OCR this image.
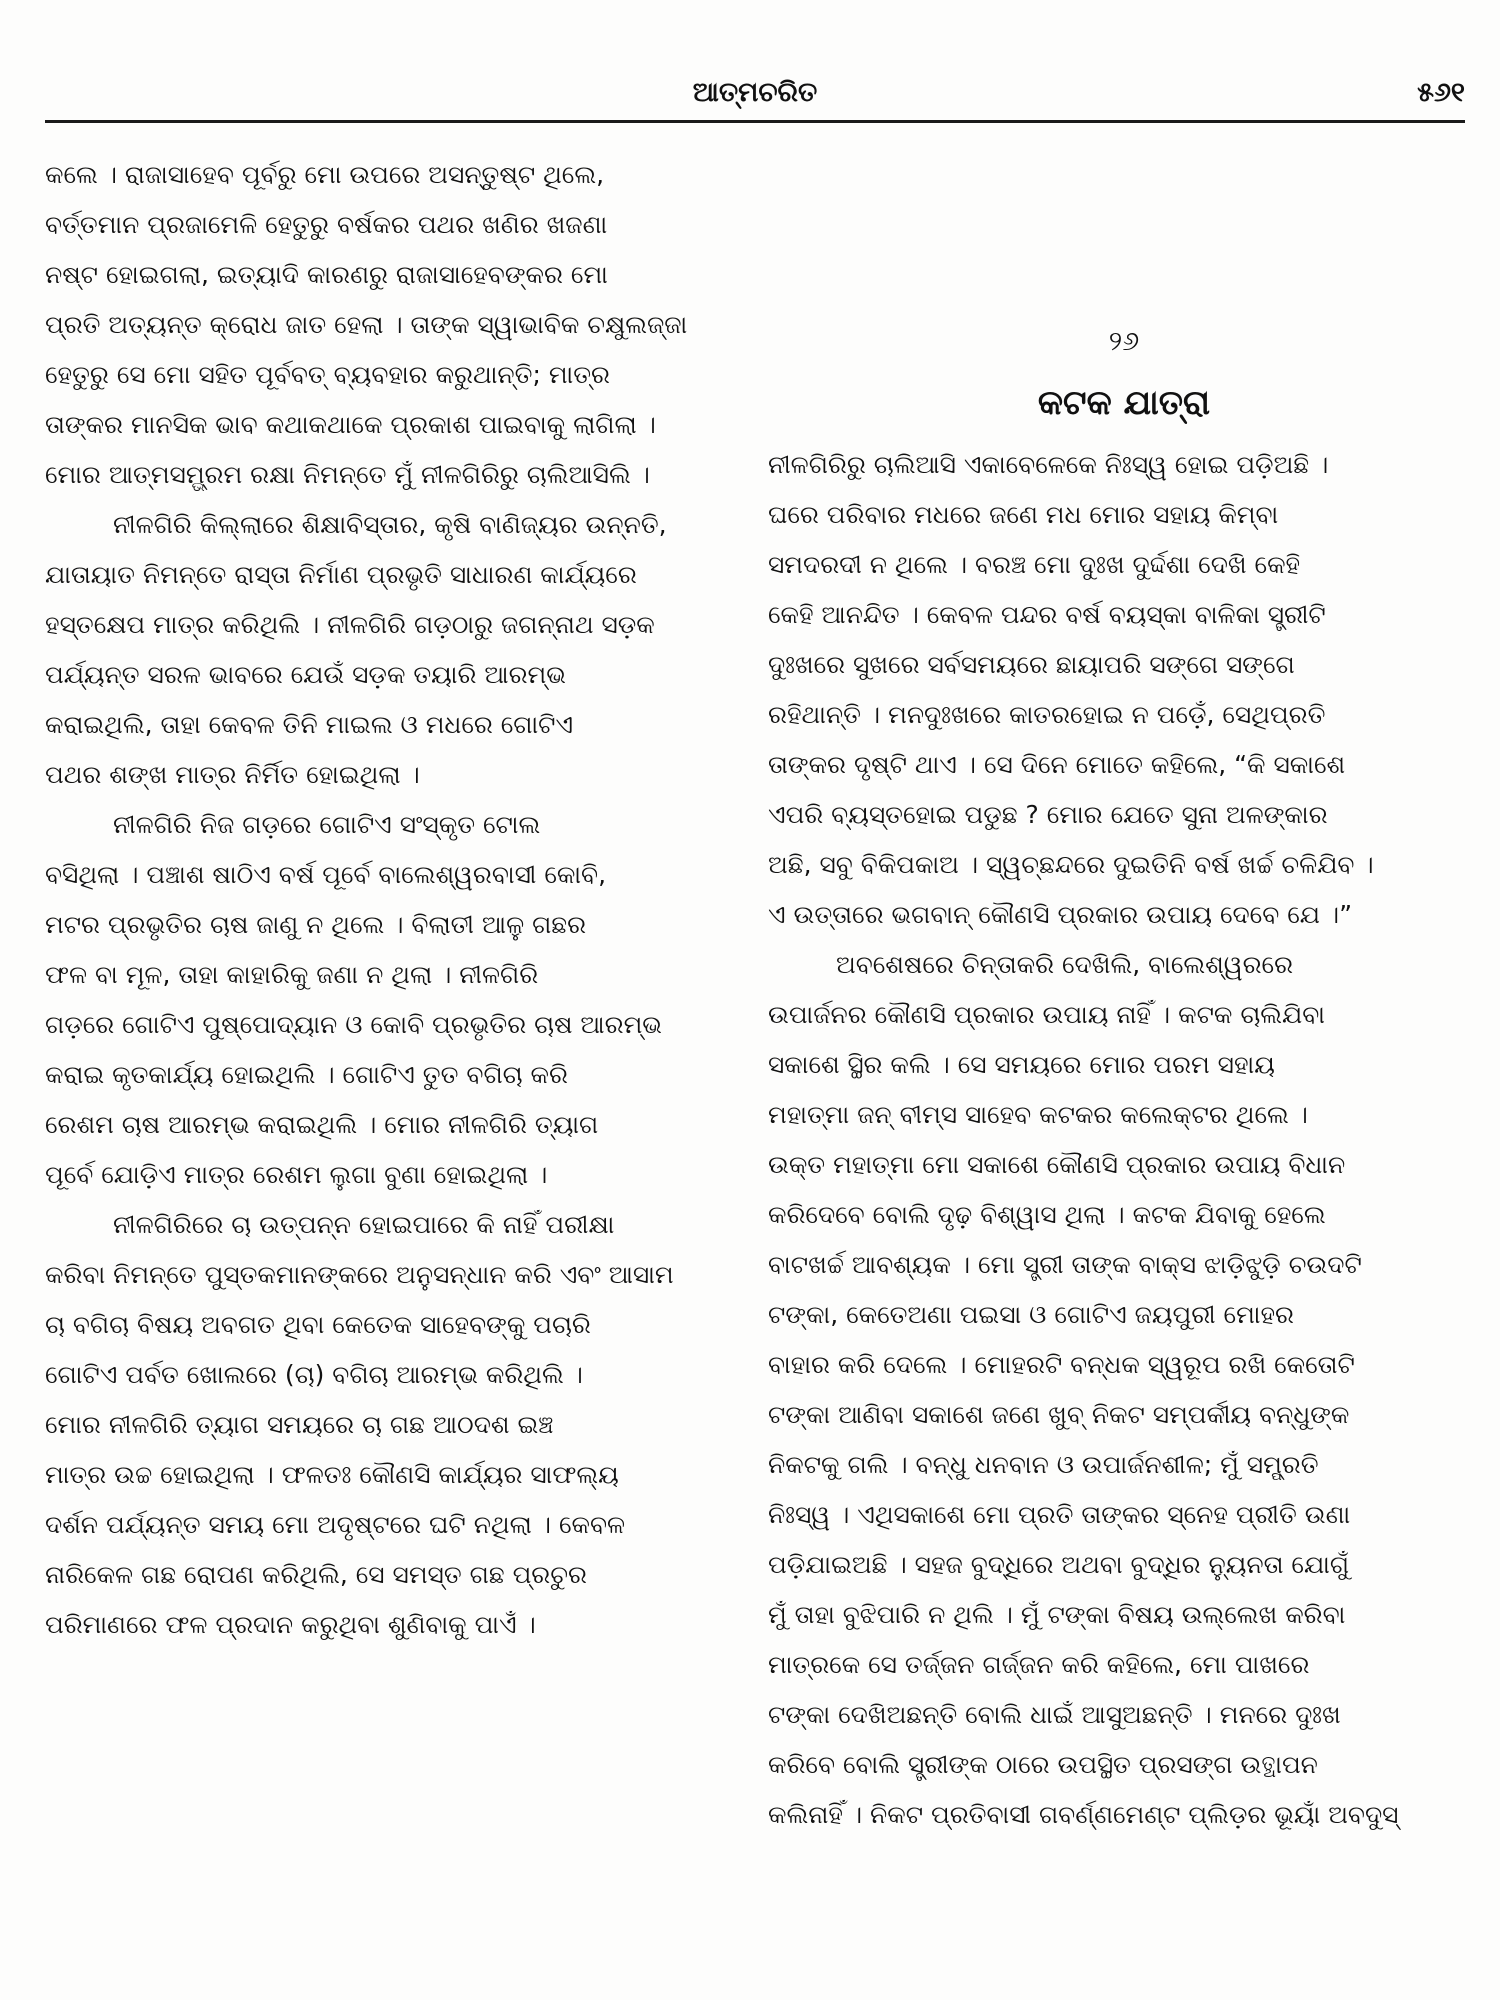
ଆତ୍ମଚରିତ	୫୬୧
କଲେ । ରାଜାସାହେବ ପୂର୍ବରୁ ମୋ ଉପରେ ଅସନ୍ତୁଷ୍ଟ ଥିଲେ,
ବର୍ତ୍ତମାନ ପ୍ରଜାମେଳି ହେତୁରୁ ବର୍ଷକର ପଥର ଖଣିର ଖଜଣା
ନଷ୍ଟ ହୋଇଗଲା, ଇତ୍ୟାଦି କାରଣରୁ ରାଜାସାହେବଙ୍କର ମୋ
ପ୍ରତି ଅତ୍ୟନ୍ତ କ୍ରୋଧ ଜାତ ହେଲା । ତାଙ୍କ ସ୍ୱାଭାବିକ ଚକ୍ଷୁଲଜ୍ଜା
ହେତୁରୁ ସେ ମୋ ସହିତ ପୂର୍ବବତ୍ ବ୍ୟବହାର କରୁଥାନ୍ତି; ମାତ୍ର
ତାଙ୍କର ମାନସିକ ଭାବ କଥାକଥାକେ ପ୍ରକାଶ ପାଇବାକୁ ଲାଗିଲା ।
ମୋର ଆତ୍ମସମ୍ଭ୍ରମ ରକ୍ଷା ନିମନ୍ତେ ମୁଁ ନୀଳଗିରିରୁ ଚାଲିଆସିଲି ।
ନୀଳଗିରି କିଲ୍ଲାରେ ଶିକ୍ଷାବିସ୍ତାର, କୃଷି ବାଣିଜ୍ୟର ଉନ୍ନତି,
ଯାତାୟାତ ନିମନ୍ତେ ରାସ୍ତା ନିର୍ମାଣ ପ୍ରଭୃତି ସାଧାରଣ କାର୍ଯ୍ୟରେ
ହସ୍ତକ୍ଷେପ ମାତ୍ର କରିଥିଲି । ନୀଳଗିରି ଗଡ଼ଠାରୁ ଜଗନ୍ନାଥ ସଡ଼କ
ପର୍ଯ୍ୟନ୍ତ ସରଳ ଭାବରେ ଯେଉଁ ସଡ଼କ ତୟାରି ଆରମ୍ଭ
କରାଇଥିଲି, ତାହା କେବଳ ତିନି ମାଇଲ ଓ ମଧରେ ଗୋଟିଏ
ପଥର ଶଙ୍ଖ ମାତ୍ର ନିର୍ମିତ ହୋଇଥିଲା ।
ନୀଳଗିରି ନିଜ ଗଡ଼ରେ ଗୋଟିଏ ସଂସ୍କୃତ ଟୋଲ
ବସିଥିଲା । ପଞ୍ଚାଶ ଷାଠିଏ ବର୍ଷ ପୂର୍ବେ ବାଲେଶ୍ୱରବାସୀ କୋବି,
ମଟର ପ୍ରଭୃତିର ଚାଷ ଜାଣୁ ନ ଥିଲେ । ବିଲାତୀ ଆଳୁ ଗଛର
ଫଳ ବା ମୂଳ, ତାହା କାହାରିକୁ ଜଣା ନ ଥିଲା । ନୀଳଗିରି
ଗଡ଼ରେ ଗୋଟିଏ ପୁଷ୍ପୋଦ୍ୟାନ ଓ କୋବି ପ୍ରଭୃତିର ଚାଷ ଆରମ୍ଭ
କରାଇ କୃତକାର୍ଯ୍ୟ ହୋଇଥିଲି । ଗୋଟିଏ ତୁତ ବଗିଚା କରି
ରେଶମ ଚାଷ ଆରମ୍ଭ କରାଇଥିଲି । ମୋର ନୀଳଗିରି ତ୍ୟାଗ
ପୂର୍ବେ ଯୋଡ଼ିଏ ମାତ୍ର ରେଶମ ଲୁଗା ବୁଣା ହୋଇଥିଲା ।
ନୀଳଗିରିରେ ଚା ଉତ୍ପନ୍ନ ହୋଇପାରେ କି ନାହିଁ ପରୀକ୍ଷା
କରିବା ନିମନ୍ତେ ପୁସ୍ତକମାନଙ୍କରେ ଅନୁସନ୍ଧାନ କରି ଏବଂ ଆସାମ
ଚା ବଗିଚା ବିଷୟ ଅବଗତ ଥିବା କେତେକ ସାହେବଙ୍କୁ ପଚାରି
ଗୋଟିଏ ପର୍ବତ ଖୋଲରେ (ଚା) ବଗିଚା ଆରମ୍ଭ କରିଥିଲି ।
ମୋର ନୀଳଗିରି ତ୍ୟାଗ ସମୟରେ ଚା ଗଛ ଆଠଦଶ ଇଞ୍ଚ
ମାତ୍ର ଉଚ୍ଚ ହୋଇଥିଲା । ଫଳତଃ କୌଣସି କାର୍ଯ୍ୟର ସାଫଲ୍ୟ
ଦର୍ଶନ ପର୍ଯ୍ୟନ୍ତ ସମୟ ମୋ ଅଦୃଷ୍ଟରେ ଘଟି ନଥିଲା । କେବଳ
ନାରିକେଳ ଗଛ ରୋପଣ କରିଥିଲି, ସେ ସମସ୍ତ ଗଛ ପ୍ରଚୁର
ପରିମାଣରେ ଫଳ ପ୍ରଦାନ କରୁଥିବା ଶୁଣିବାକୁ ପାଏଁ ।
୨୬
କଟକ ଯାତ୍ରା
ନୀଳଗିରିରୁ ଚାଲିଆସି ଏକାବେଳେକେ ନିଃସ୍ୱ ହୋଇ ପଡ଼ିଅଛି ।
ଘରେ ପରିବାର ମଧରେ ଜଣେ ମଧ ମୋର ସହାୟ କିମ୍ବା
ସମଦରଦୀ ନ ଥିଲେ । ବରଞ୍ଚ ମୋ ଦୁଃଖ ଦୁର୍ଦ୍ଦଶା ଦେଖି କେହି
କେହି ଆନନ୍ଦିତ । କେବଳ ପନ୍ଦର ବର୍ଷ ବୟସ୍କା ବାଳିକା ସ୍ତ୍ରୀଟି
ଦୁଃଖରେ ସୁଖରେ ସର୍ବସମୟରେ ଛାୟାପରି ସଙ୍ଗେ ସଙ୍ଗେ
ରହିଥାନ୍ତି । ମନଦୁଃଖରେ କାତରହୋଇ ନ ପଡ଼େଁ, ସେଥିପ୍ରତି
ତାଙ୍କର ଦୃଷ୍ଟି ଥାଏ । ସେ ଦିନେ ମୋତେ କହିଲେ, “କି ସକାଶେ
ଏପରି ବ୍ୟସ୍ତହୋଇ ପଡୁଛ ? ମୋର ଯେତେ ସୁନା ଅଳଙ୍କାର
ଅଛି, ସବୁ ବିକିପକାଅ । ସ୍ୱଚ୍ଛନ୍ଦରେ ଦୁଇତିନି ବର୍ଷ ଖର୍ଚ୍ଚ ଚଳିଯିବ ।
ଏ ଉତ୍ତାରେ ଭଗବାନ୍ କୌଣସି ପ୍ରକାର ଉପାୟ ଦେବେ ଯେ ।”
ଅବଶେଷରେ ଚିନ୍ତାକରି ଦେଖିଲି, ବାଲେଶ୍ୱରରେ
ଉପାର୍ଜନର କୌଣସି ପ୍ରକାର ଉପାୟ ନାହିଁ । କଟକ ଚାଲିଯିବା
ସକାଶେ ସ୍ଥିର କଲି । ସେ ସମୟରେ ମୋର ପରମ ସହାୟ
ମହାତ୍ମା ଜନ୍ ବୀମ୍ସ ସାହେବ କଟକର କଲେକ୍ଟର ଥିଲେ ।
ଉକ୍ତ ମହାତ୍ମା ମୋ ସକାଶେ କୌଣସି ପ୍ରକାର ଉପାୟ ବିଧାନ
କରିଦେବେ ବୋଲି ଦୃଢ଼ ବିଶ୍ୱାସ ଥିଲା । କଟକ ଯିବାକୁ ହେଲେ
ବାଟଖର୍ଚ୍ଚ ଆବଶ୍ୟକ । ମୋ ସ୍ତ୍ରୀ ତାଙ୍କ ବାକ୍ସ ଝାଡ଼ିଝୁଡ଼ି ଚଉଦଟି
ଟଙ୍କା, କେତେଅଣା ପଇସା ଓ ଗୋଟିଏ ଜୟପୁରୀ ମୋହର
ବାହାର କରି ଦେଲେ । ମୋହରଟି ବନ୍ଧକ ସ୍ୱରୂପ ରଖି କେତୋଟି
ଟଙ୍କା ଆଣିବା ସକାଶେ ଜଣେ ଖୁବ୍ ନିକଟ ସମ୍ପର୍କୀୟ ବନ୍ଧୁଙ୍କ
ନିକଟକୁ ଗଲି । ବନ୍ଧୁ ଧନବାନ ଓ ଉପାର୍ଜନଶୀଳ; ମୁଁ ସମ୍ପ୍ରତି
ନିଃସ୍ୱ । ଏଥିସକାଶେ ମୋ ପ୍ରତି ତାଙ୍କର ସ୍ନେହ ପ୍ରୀତି ଉଣା
ପଡ଼ିଯାଇଅଛି । ସହଜ ବୁଦ୍ଧିରେ ଅଥବା ବୁଦ୍ଧିର ନ୍ୟୁନତା ଯୋଗୁଁ
ମୁଁ ତାହା ବୁଝିପାରି ନ ଥିଲି । ମୁଁ ଟଙ୍କା ବିଷୟ ଉଲ୍ଲେଖ କରିବା
ମାତ୍ରକେ ସେ ତର୍ଜ୍ଜନ ଗର୍ଜ୍ଜନ କରି କହିଲେ, ମୋ ପାଖରେ
ଟଙ୍କା ଦେଖିଅଛନ୍ତି ବୋଲି ଧାଇଁ ଆସୁଅଛନ୍ତି । ମନରେ ଦୁଃଖ
କରିବେ ବୋଲି ସ୍ତ୍ରୀଙ୍କ ଠାରେ ଉପସ୍ଥିତ ପ୍ରସଙ୍ଗ ଉତ୍ଥାପନ
କଲିନାହିଁ । ନିକଟ ପ୍ରତିବାସୀ ଗବର୍ଣ୍ଣମେଣ୍ଟ ପ୍ଲିଡ଼ର ଭୂୟାଁ ଅବଦୁସ୍
